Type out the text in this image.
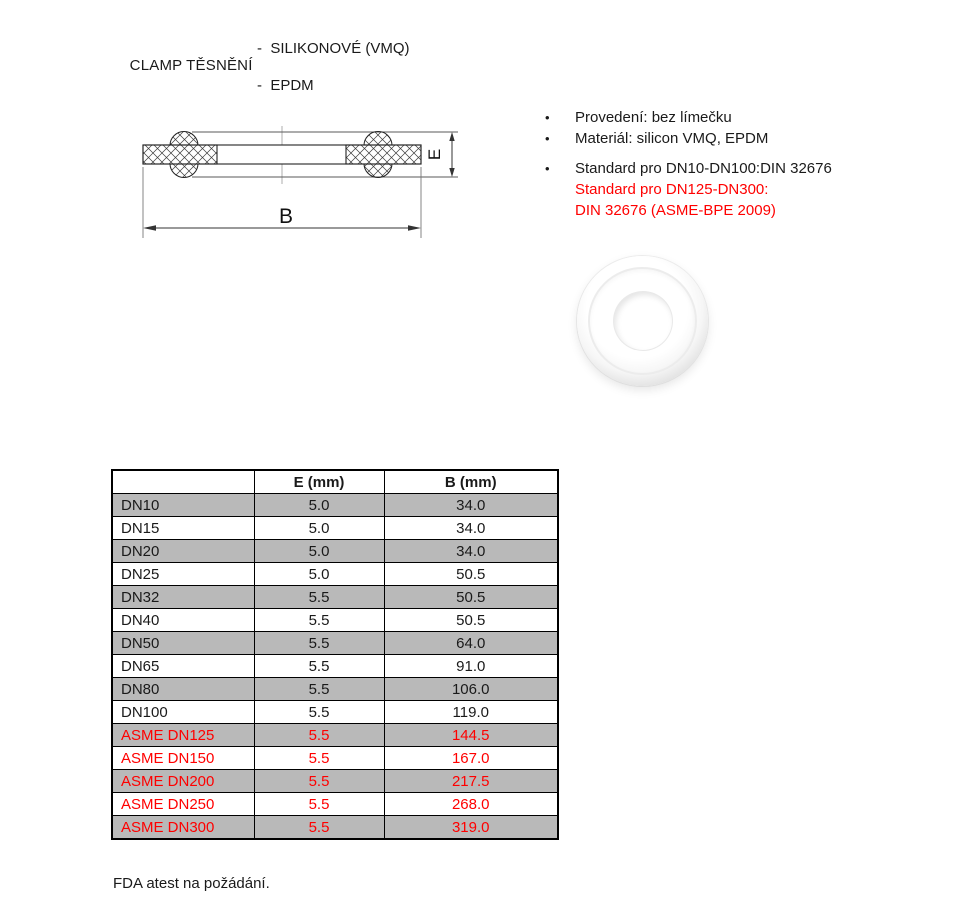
CLAMP TĚSNĚNÍ

-  SILIKONOVÉ (VMQ)
-  EPDM
E
B
•	Provedení: bez límečku
•	Materiál: silicon VMQ, EPDM
•	Standard pro DN10-DN100:DIN 32676
Standard pro DN125-DN300:
DIN 32676 (ASME-BPE 2009)
	E (mm)	B (mm)
DN10	5.0	34.0
DN15	5.0	34.0
DN20	5.0	34.0
DN25	5.0	50.5
DN32	5.5	50.5
DN40	5.5	50.5
DN50	5.5	64.0
DN65	5.5	91.0
DN80	5.5	106.0
DN100	5.5	119.0
ASME DN125	5.5	144.5
ASME DN150	5.5	167.0
ASME DN200	5.5	217.5
ASME DN250	5.5	268.0
ASME DN300	5.5	319.0
FDA atest na požádání.
